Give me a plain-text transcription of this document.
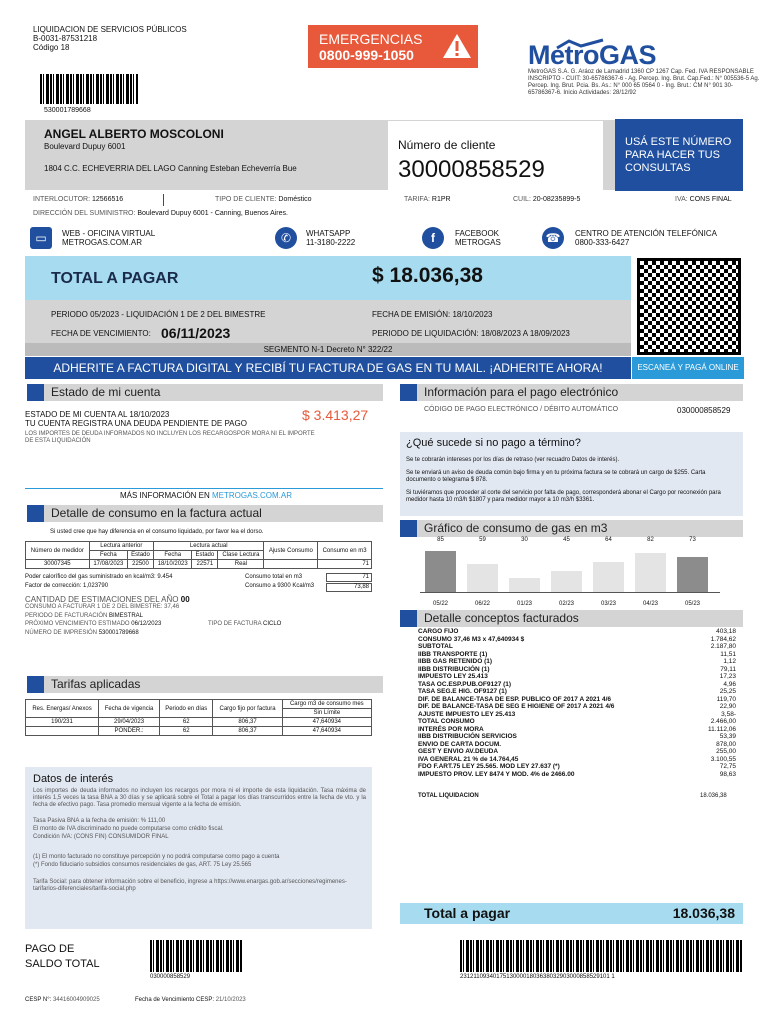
LIQUIDACION DE SERVICIOS PÚBLICOS
B-0031-87531218
Código 18
530001789668
EMERGENCIAS
0800-999-1050	MetroGAS
MetroGAS S.A. G. Aráoz de Lamadrid 1360 CP 1267 Cap. Fed. IVA RESPONSABLE INSCRIPTO - CUIT: 30-65786367-6 - Ag. Percep. Ing. Brut. Cap.Fed.: N° 005536-5 Ag. Percep. Ing. Brut. Pcia. Bs. As.: N° 000 65 0564 0 - Ing. Brut.: CM N° 901 30-65786367-6. Inicio Actividades: 28/12/92
ANGEL ALBERTO MOSCOLONI
Boulevard Dupuy 6001
1804 C.C. ECHEVERRIA DEL LAGO Canning Esteban Echeverría Bue
Número de cliente
30000858529
USÁ ESTE NÚMERO PARA HACER TUS CONSULTAS
INTERLOCUTOR: 12566516	TIPO DE CLIENTE: Doméstico	TARIFA: R1PR	CUIL: 20-08235899-5	IVA: CONS FINAL
DIRECCIÓN DEL SUMINISTRO: Boulevard Dupuy 6001 - Canning, Buenos Aires.
▭	WEB - OFICINA VIRTUAL
METROGAS.COM.AR	✆	WHATSAPP
11-3180-2222	f	FACEBOOK
METROGAS	☎	CENTRO DE ATENCIÓN TELEFÓNICA
0800-333-6427
TOTAL A PAGAR	$ 18.036,38
PERIODO 05/2023 - LIQUIDACIÓN 1 DE 2 DEL BIMESTRE	FECHA DE EMISIÓN: 18/10/2023
FECHA DE VENCIMIENTO: 06/11/2023	PERIODO DE LIQUIDACIÓN: 18/08/2023 A 18/09/2023
SEGMENTO N-1 Decreto N° 322/22
ADHERITE A FACTURA DIGITAL Y RECIBÍ TU FACTURA DE GAS EN TU MAIL. ¡ADHERITE AHORA!	ESCANEÁ Y PAGÁ ONLINE
Estado de mi cuenta
ESTADO DE MI CUENTA AL 18/10/2023
TU CUENTA REGISTRA UNA DEUDA PENDIENTE DE PAGO
$ 3.413,27
LOS IMPORTES DE DEUDA INFORMADOS NO INCLUYEN LOS RECARGOSPOR MORA NI EL IMPORTE DE ESTA LIQUIDACIÓN
MÁS INFORMACIÓN EN METROGAS.COM.AR
Información para el pago electrónico
CÓDIGO DE PAGO ELECTRÓNICO / DÉBITO AUTOMÁTICO	030000858529
¿Qué sucede si no pago a término?
Se te cobrarán intereses por los días de retraso (ver recuadro Datos de interés).
Se te enviará un aviso de deuda común bajo firma y en tu próxima factura se te cobrará un cargo de $255. Carta documento o telegrama $ 878.
Si tuviéramos que proceder al corte del servicio por falta de pago, corresponderá abonar el Cargo por reconexión para medidor hasta 10 m3/h $1807 y para medidor mayor a 10 m3/h $3361.
Detalle de consumo en la factura actual
Si usted cree que hay diferencia en el consumo liquidado, por favor lea el dorso.
Número de medidor	Lectura anterior		Lectura actual			Ajuste Consumo	Consumo en m3
	Fecha	Estado	Fecha	Estado	Clase Lectura		
30007345	17/08/2023	22500	18/10/2023	22571	Real		71
Poder calorífico del gas suministrado en kcal/m3: 9.454
Factor de corrección: 1,023790
Consumo total en m3	71
Consumo a 9300 Kcal/m3	73,88
CANTIDAD DE ESTIMACIONES DEL AÑO 00
CONSUMO A FACTURAR 1 DE 2 DEL BIMESTRE: 37,46
PERIODO DE FACTURACIÓN BIMESTRAL
PRÓXIMO VENCIMIENTO ESTIMADO 06/12/2023	TIPO DE FACTURA CICLO
NÚMERO DE IMPRESIÓN 530001789668
Gráfico de consumo de gas en m3
85
05/22
59
06/22
30
01/23
45
02/23
64
03/23
82
04/23
73
05/23
Detalle conceptos facturados
CARGO FIJO	403,18
CONSUMO 37,46 M3 x 47,640934 $	1.784,62
SUBTOTAL	2.187,80
IIBB TRANSPORTE (1)	11,51
IIBB GAS RETENIDO (1)	1,12
IIBB DISTRIBUCIÓN (1)	79,11
IMPUESTO LEY 25.413	17,23
TASA OC.ESP.PUB.OF9127 (1)	4,96
TASA SEG.E HIG. OF9127 (1)	25,25
DIF. DE BALANCE-TASA DE ESP. PUBLICO OF 2017 A 2021 4/6	119,70
DIF. DE BALANCE-TASA DE SEG E HIGIENE OF 2017 A 2021 4/6	22,90
AJUSTE IMPUESTO LEY 25.413	3,58-
TOTAL CONSUMO	2.466,00
INTERÉS POR MORA	11.112,06
IIBB DISTRIBUCIÓN SERVICIOS	53,39
ENVIO DE CARTA DOCUM.	878,00
GEST Y ENVIO AV.DEUDA	255,00
IVA GENERAL 21 % de 14.764,45	3.100,55
FDO F.ART.75 LEY 25.565. MOD LEY 27.637 (*)	72,75
IMPUESTO PROV. LEY 8474 Y MOD. 4% de 2466.00	98,63
TOTAL LIQUIDACION	18.036,38
Tarifas aplicadas
Res. Energas/ Anexos	Fecha de vigencia	Periodo en días	Cargo fijo por factura	Cargo m3 de consumo mes
				Sin Límite
190/231	29/04/2023	62	806,37	47,640934
	PONDER.:	62	806,37	47,640934
Datos de interés
Los importes de deuda informados no incluyen los recargos por mora ni el importe de esta liquidación. Tasa máxima de interés 1,5 veces la tasa BNA a 30 días y se aplicará sobre el Total a pagar los días transcurridos entre la fecha de vto. y la fecha de efectivo pago. Tasa promedio mensual vigente a la fecha de emisión.
Tasa Pasiva BNA a la fecha de emisión: % 111,00
El monto de IVA discriminado no puede computarse como crédito fiscal.
Condición IVA: (CONS FIN) CONSUMIDOR FINAL
(1) El monto facturado no constituye percepción y no podrá computarse como pago a cuenta
(*) Fondo fiduciario subsidios consumos residenciales de gas, ART. 75 Ley 25.565
Tarifa Social: para obtener información sobre el beneficio, ingrese a https://www.enargas.gob.ar/secciones/regimenes-tarifarios-diferenciales/tarifa-social.php
Total a pagar	18.036,38
PAGO DE
SALDO TOTAL
030000858529	231211093401751300001803638032903000858529101 1
CESP N°: 34416004909025	Fecha de Vencimiento CESP: 21/10/2023
